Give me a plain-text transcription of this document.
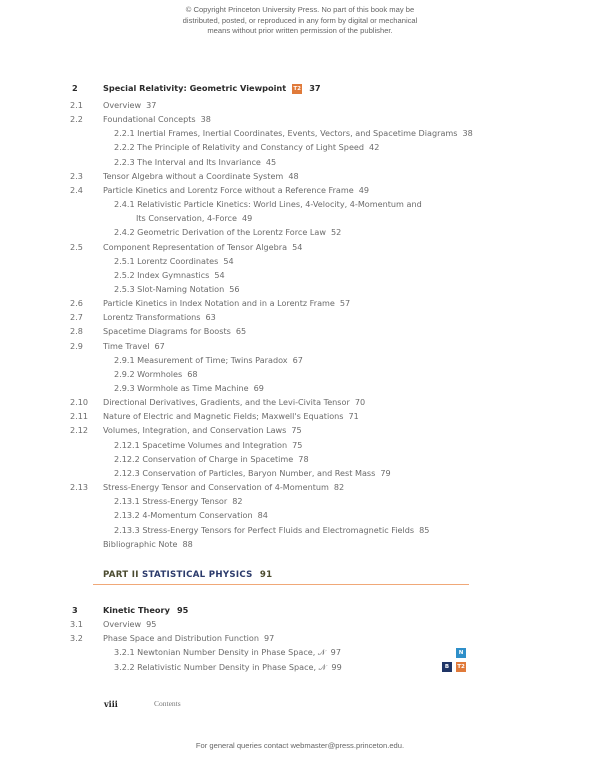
© Copyright Princeton University Press. No part of this book may be
distributed, posted, or reproduced in any form by digital or mechanical
means without prior written permission of the publisher.
2	Special Relativity: Geometric Viewpoint T2 37
2.1	Overview 37
2.2	Foundational Concepts 38
2.2.1 Inertial Frames, Inertial Coordinates, Events, Vectors, and Spacetime Diagrams 38
2.2.2 The Principle of Relativity and Constancy of Light Speed 42
2.2.3 The Interval and Its Invariance 45
2.3	Tensor Algebra without a Coordinate System 48
2.4	Particle Kinetics and Lorentz Force without a Reference Frame 49
2.4.1 Relativistic Particle Kinetics: World Lines, 4-Velocity, 4-Momentum and
Its Conservation, 4-Force 49
2.4.2 Geometric Derivation of the Lorentz Force Law 52
2.5	Component Representation of Tensor Algebra 54
2.5.1 Lorentz Coordinates 54
2.5.2 Index Gymnastics 54
2.5.3 Slot-Naming Notation 56
2.6	Particle Kinetics in Index Notation and in a Lorentz Frame 57
2.7	Lorentz Transformations 63
2.8	Spacetime Diagrams for Boosts 65
2.9	Time Travel 67
2.9.1 Measurement of Time; Twins Paradox 67
2.9.2 Wormholes 68
2.9.3 Wormhole as Time Machine 69
2.10	Directional Derivatives, Gradients, and the Levi-Civita Tensor 70
2.11	Nature of Electric and Magnetic Fields; Maxwell's Equations 71
2.12	Volumes, Integration, and Conservation Laws 75
2.12.1 Spacetime Volumes and Integration 75
2.12.2 Conservation of Charge in Spacetime 78
2.12.3 Conservation of Particles, Baryon Number, and Rest Mass 79
2.13	Stress-Energy Tensor and Conservation of 4-Momentum 82
2.13.1 Stress-Energy Tensor 82
2.13.2 4-Momentum Conservation 84
2.13.3 Stress-Energy Tensors for Perfect Fluids and Electromagnetic Fields 85
Bibliographic Note 88
PART II STATISTICAL PHYSICS 91
3	Kinetic Theory 95
3.1	Overview 95
3.2	Phase Space and Distribution Function 97
3.2.1 Newtonian Number Density in Phase Space, 𝒩 97
3.2.2 Relativistic Number Density in Phase Space, 𝒩 99
N
B	T2
viii	Contents
For general queries contact webmaster@press.princeton.edu.
